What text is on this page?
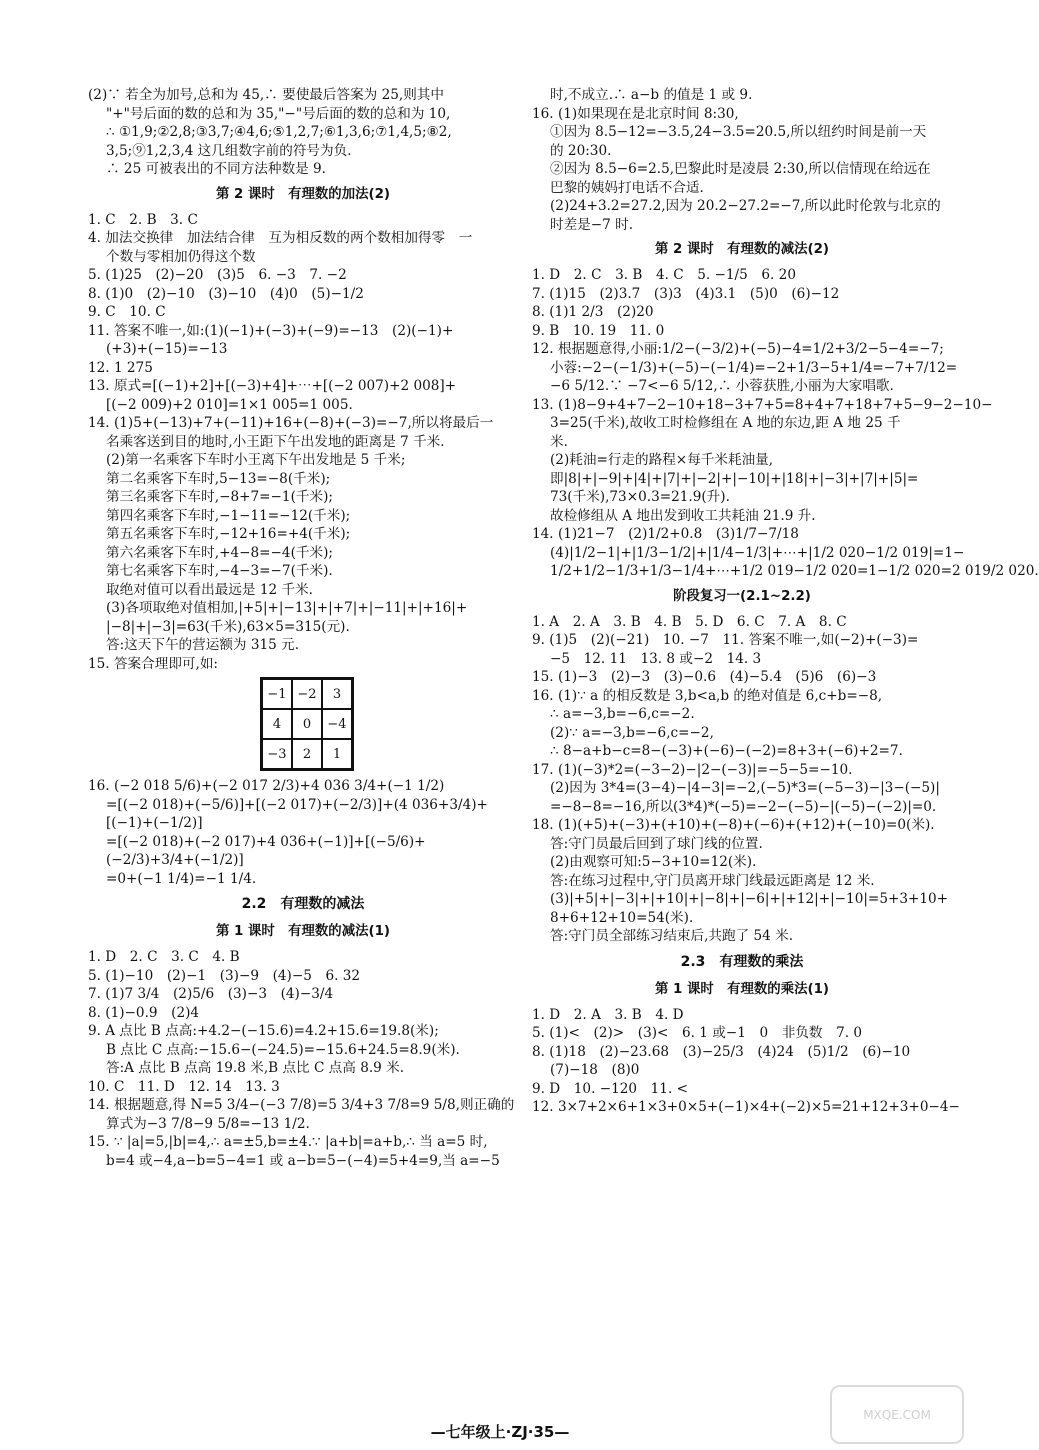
(2)∵ 若全为加号,总和为 45,∴ 要使最后答案为 25,则其中
"+"号后面的数的总和为 35,"−"号后面的数的总和为 10,
∴ ①1,9;②2,8;③3,7;④4,6;⑤1,2,7;⑥1,3,6;⑦1,4,5;⑧2,
3,5;⑨1,2,3,4 这几组数字前的符号为负.
∴ 25 可被表出的不同方法种数是 9.
第 2 课时　有理数的加法(2)
1. C　2. B　3. C
4. 加法交换律　加法结合律　互为相反数的两个数相加得零　一
个数与零相加仍得这个数
5. (1)25　(2)−20　(3)5　6. −3　7. −2
8. (1)0　(2)−10　(3)−10　(4)0　(5)−1/2
9. C　10. C
11. 答案不唯一,如:(1)(−1)+(−3)+(−9)=−13　(2)(−1)+
(+3)+(−15)=−13
12. 1 275
13. 原式=[(−1)+2]+[(−3)+4]+⋯+[(−2 007)+2 008]+
[(−2 009)+2 010]=1×1 005=1 005.
14. (1)5+(−13)+7+(−11)+16+(−8)+(−3)=−7,所以将最后一
名乘客送到目的地时,小王距下午出发地的距离是 7 千米.
(2)第一名乘客下车时小王离下午出发地是 5 千米;
第二名乘客下车时,5−13=−8(千米);
第三名乘客下车时,−8+7=−1(千米);
第四名乘客下车时,−1−11=−12(千米);
第五名乘客下车时,−12+16=+4(千米);
第六名乘客下车时,+4−8=−4(千米);
第七名乘客下车时,−4−3=−7(千米).
取绝对值可以看出最远是 12 千米.
(3)各项取绝对值相加,|+5|+|−13|+|+7|+|−11|+|+16|+
|−8|+|−3|=63(千米),63×5=315(元).
答:这天下午的营运额为 315 元.
15. 答案合理即可,如:
−1 −2	3
4	0	−4
−3	2	1
16. (−2 018 5/6)+(−2 017 2/3)+4 036 3/4+(−1 1/2)
=[(−2 018)+(−5/6)]+[(−2 017)+(−2/3)]+(4 036+3/4)+
[(−1)+(−1/2)]
=[(−2 018)+(−2 017)+4 036+(−1)]+[(−5/6)+
(−2/3)+3/4+(−1/2)]
=0+(−1 1/4)=−1 1/4.
2.2　有理数的减法
第 1 课时　有理数的减法(1)
1. D　2. C　3. C　4. B
5. (1)−10　(2)−1　(3)−9　(4)−5　6. 32
7. (1)7 3/4　(2)5/6　(3)−3　(4)−3/4
8. (1)−0.9　(2)4
9. A 点比 B 点高:+4.2−(−15.6)=4.2+15.6=19.8(米);
B 点比 C 点高:−15.6−(−24.5)=−15.6+24.5=8.9(米).
答:A 点比 B 点高 19.8 米,B 点比 C 点高 8.9 米.
10. C　11. D　12. 14　13. 3
14. 根据题意,得 N=5 3/4−(−3 7/8)=5 3/4+3 7/8=9 5/8,则正确的
算式为−3 7/8−9 5/8=−13 1/2.
15. ∵ |a|=5,|b|=4,∴ a=±5,b=±4.∵ |a+b|=a+b,∴ 当 a=5 时,
b=4 或−4,a−b=5−4=1 或 a−b=5−(−4)=5+4=9,当 a=−5
时,不成立.∴ a−b 的值是 1 或 9.
16. (1)如果现在是北京时间 8:30,
①因为 8.5−12=−3.5,24−3.5=20.5,所以纽约时间是前一天
的 20:30.
②因为 8.5−6=2.5,巴黎此时是凌晨 2:30,所以信情现在给远在
巴黎的姨妈打电话不合适.
(2)24+3.2=27.2,因为 20.2−27.2=−7,所以此时伦敦与北京的
时差是−7 时.
第 2 课时　有理数的减法(2)
1. D　2. C　3. B　4. C　5. −1/5　6. 20
7. (1)15　(2)3.7　(3)3　(4)3.1　(5)0　(6)−12
8. (1)1 2/3　(2)20
9. B　10. 19　11. 0
12. 根据题意得,小丽:1/2−(−3/2)+(−5)−4=1/2+3/2−5−4=−7;
小蓉:−2−(−1/3)+(−5)−(−1/4)=−2+1/3−5+1/4=−7+7/12=
−6 5/12.∵ −7<−6 5/12,∴ 小蓉获胜,小丽为大家唱歌.
13. (1)8−9+4+7−2−10+18−3+7+5=8+4+7+18+7+5−9−2−10−
3=25(千米),故收工时检修组在 A 地的东边,距 A 地 25 千
米.
(2)耗油=行走的路程×每千米耗油量,
即|8|+|−9|+|4|+|7|+|−2|+|−10|+|18|+|−3|+|7|+|5|=
73(千米),73×0.3=21.9(升).
故检修组从 A 地出发到收工共耗油 21.9 升.
14. (1)21−7　(2)1/2+0.8　(3)1/7−7/18
(4)|1/2−1|+|1/3−1/2|+|1/4−1/3|+⋯+|1/2 020−1/2 019|=1−
1/2+1/2−1/3+1/3−1/4+⋯+1/2 019−1/2 020=1−1/2 020=2 019/2 020.
阶段复习一(2.1~2.2)
1. A　2. A　3. B　4. B　5. D　6. C　7. A　8. C
9. (1)5　(2)(−21)　10. −7　11. 答案不唯一,如(−2)+(−3)=
−5　12. 11　13. 8 或−2　14. 3
15. (1)−3　(2)−3　(3)−0.6　(4)−5.4　(5)6　(6)−3
16. (1)∵ a 的相反数是 3,b<a,b 的绝对值是 6,c+b=−8,
∴ a=−3,b=−6,c=−2.
(2)∵ a=−3,b=−6,c=−2,
∴ 8−a+b−c=8−(−3)+(−6)−(−2)=8+3+(−6)+2=7.
17. (1)(−3)*2=(−3−2)−|2−(−3)|=−5−5=−10.
(2)因为 3*4=(3−4)−|4−3|=−2,(−5)*3=(−5−3)−|3−(−5)|
=−8−8=−16,所以(3*4)*(−5)=−2−(−5)−|(−5)−(−2)|=0.
18. (1)(+5)+(−3)+(+10)+(−8)+(−6)+(+12)+(−10)=0(米).
答:守门员最后回到了球门线的位置.
(2)由观察可知:5−3+10=12(米).
答:在练习过程中,守门员离开球门线最远距离是 12 米.
(3)|+5|+|−3|+|+10|+|−8|+|−6|+|+12|+|−10|=5+3+10+
8+6+12+10=54(米).
答:守门员全部练习结束后,共跑了 54 米.
2.3　有理数的乘法
第 1 课时　有理数的乘法(1)
1. D　2. A　3. B　4. D
5. (1)<　(2)>　(3)<　6. 1 或−1　0　非负数　7. 0
8. (1)18　(2)−23.68　(3)−25/3　(4)24　(5)1/2　(6)−10
(7)−18　(8)0
9. D　10. −120　11. <
12. 3×7+2×6+1×3+0×5+(−1)×4+(−2)×5=21+12+3+0−4−
—七年级上·ZJ·35—
MXQE.COM
